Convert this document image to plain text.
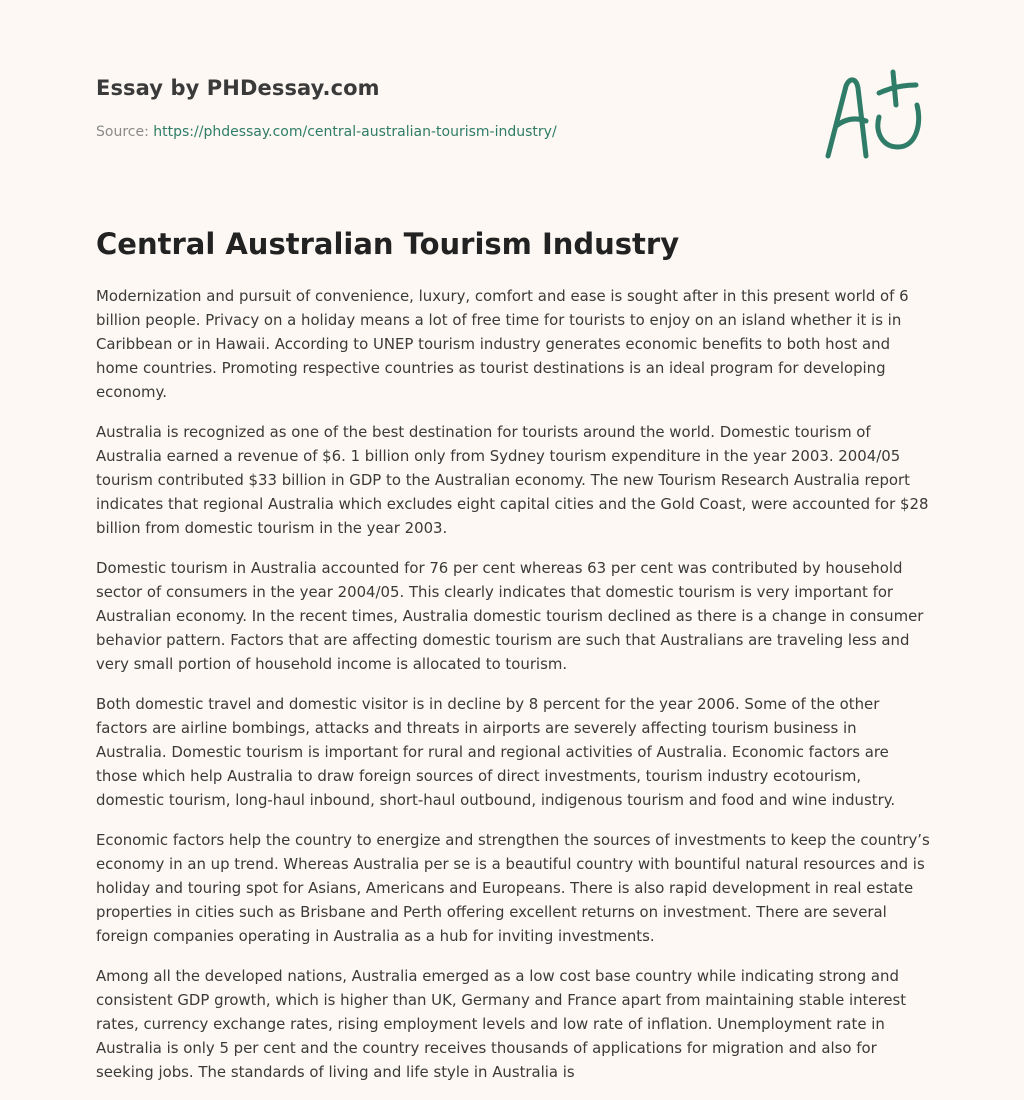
Essay by PHDessay.com
Source: https://phdessay.com/central-australian-tourism-industry/
Central Australian Tourism Industry

Modernization and pursuit of convenience, luxury, comfort and ease is sought after in this present world of 6 billion people. Privacy on a holiday means a lot of free time for tourists to enjoy on an island whether it is in Caribbean or in Hawaii. According to UNEP tourism industry generates economic benefits to both host and home countries. Promoting respective countries as tourist destinations is an ideal program for developing economy.

Australia is recognized as one of the best destination for tourists around the world. Domestic tourism of Australia earned a revenue of $6. 1 billion only from Sydney tourism expenditure in the year 2003. 2004/05 tourism contributed $33 billion in GDP to the Australian economy. The new Tourism Research Australia report indicates that regional Australia which excludes eight capital cities and the Gold Coast, were accounted for $28 billion from domestic tourism in the year 2003.

Domestic tourism in Australia accounted for 76 per cent whereas 63 per cent was contributed by household sector of consumers in the year 2004/05. This clearly indicates that domestic tourism is very important for Australian economy. In the recent times, Australia domestic tourism declined as there is a change in consumer behavior pattern. Factors that are affecting domestic tourism are such that Australians are traveling less and very small portion of household income is allocated to tourism.

Both domestic travel and domestic visitor is in decline by 8 percent for the year 2006. Some of the other factors are airline bombings, attacks and threats in airports are severely affecting tourism business in Australia. Domestic tourism is important for rural and regional activities of Australia. Economic factors are those which help Australia to draw foreign sources of direct investments, tourism industry ecotourism, domestic tourism, long-haul inbound, short-haul outbound, indigenous tourism and food and wine industry.

Economic factors help the country to energize and strengthen the sources of investments to keep the country’s economy in an up trend. Whereas Australia per se is a beautiful country with bountiful natural resources and is holiday and touring spot for Asians, Americans and Europeans. There is also rapid development in real estate properties in cities such as Brisbane and Perth offering excellent returns on investment. There are several foreign companies operating in Australia as a hub for inviting investments.

Among all the developed nations, Australia emerged as a low cost base country while indicating strong and consistent GDP growth, which is higher than UK, Germany and France apart from maintaining stable interest rates, currency exchange rates, rising employment levels and low rate of inflation. Unemployment rate in Australia is only 5 per cent and the country receives thousands of applications for migration and also for seeking jobs. The standards of living and life style in Australia is
